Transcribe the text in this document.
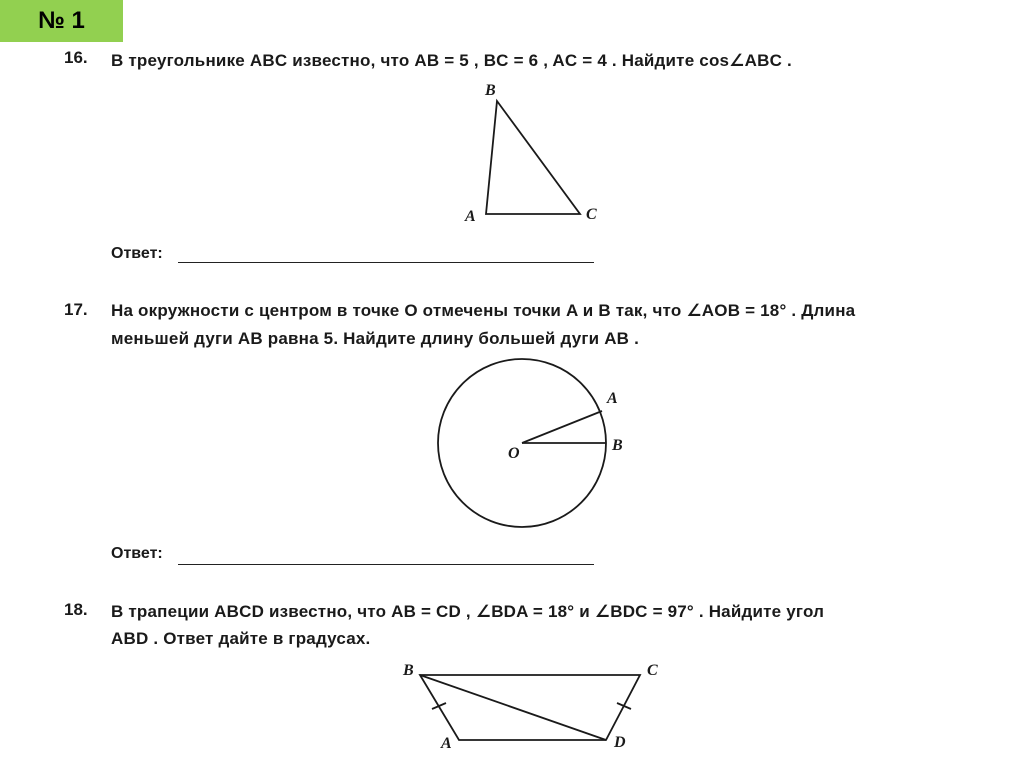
№ 1
16. В треугольнике ABC известно, что AB = 5 , BC = 6 , AC = 4 . Найдите cos∠ABC .
B
A	C
Ответ:
17. На окружности с центром в точке O отмечены точки A и B так, что ∠AOB = 18° . Длина
меньшей дуги AB равна 5. Найдите длину большей дуги AB .
A
O	B
Ответ:
18. В трапеции ABCD известно, что AB = CD , ∠BDA = 18° и ∠BDC = 97° . Найдите угол
ABD . Ответ дайте в градусах.
B	C
A	D
